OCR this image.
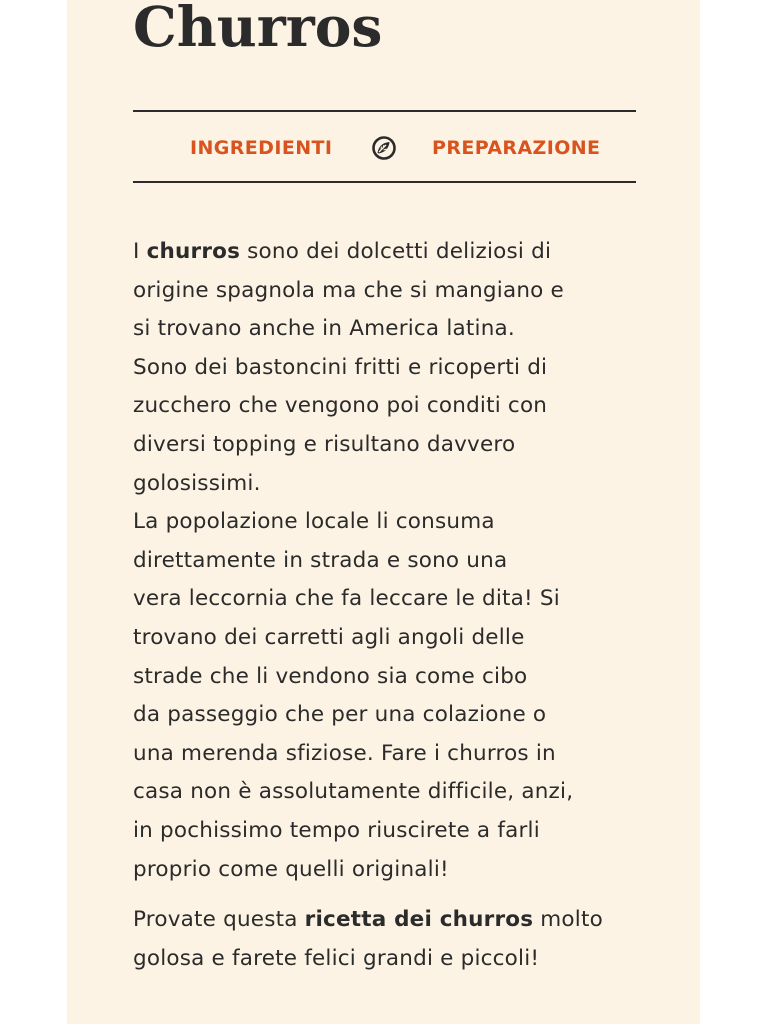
Churros
INGREDIENTI	PREPARAZIONE

I churros sono dei dolcetti deliziosi di
origine spagnola ma che si mangiano e
si trovano anche in America latina.
Sono dei bastoncini fritti e ricoperti di
zucchero che vengono poi conditi con
diversi topping e risultano davvero
golosissimi.
La popolazione locale li consuma
direttamente in strada e sono una
vera leccornia che fa leccare le dita! Si
trovano dei carretti agli angoli delle
strade che li vendono sia come cibo
da passeggio che per una colazione o
una merenda sfiziose. Fare i churros in
casa non è assolutamente difficile, anzi,
in pochissimo tempo riuscirete a farli
proprio come quelli originali!

Provate questa ricetta dei churros molto
golosa e farete felici grandi e piccoli!
